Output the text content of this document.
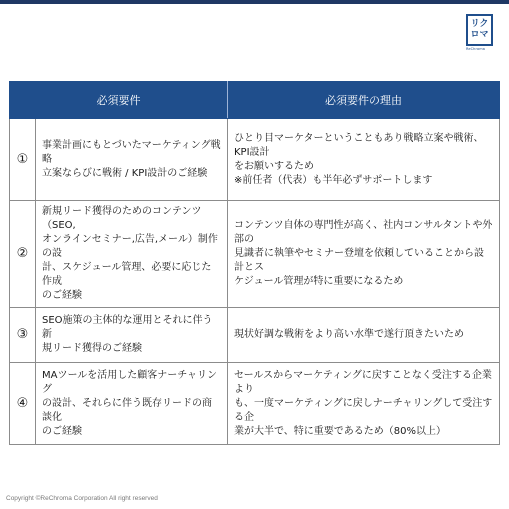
リク
ロマ
ReChroma
必須要件		必須要件の理由
①	事業計画にもとづいたマーケティング戦略
立案ならびに戦術 / KPI設計のご経験	ひとり目マーケターということもあり戦略立案や戦術、KPI設計
をお願いするため
※前任者（代表）も半年必ずサポートします

②	新規リード獲得のためのコンテンツ（SEO,
オンラインセミナー,広告,メール）制作の設
計、スケジュール管理、必要に応じた作成
のご経験	コンテンツ自体の専門性が高く、社内コンサルタントや外部の
見識者に執筆やセミナー登壇を依頼していることから設計とス
ケジュール管理が特に重要になるため

③	SEO施策の主体的な運用とそれに伴う新
規リード獲得のご経験	現状好調な戦術をより高い水準で遂行頂きたいため

④	MAツールを活用した顧客ナーチャリング
の設計、それらに伴う既存リードの商談化
のご経験	セールスからマーケティングに戻すことなく受注する企業より
も、一度マーケティングに戻しナーチャリングして受注する企
業が大半で、特に重要であるため（80%以上）
Copyright ©ReChroma Corporation All right reserved
